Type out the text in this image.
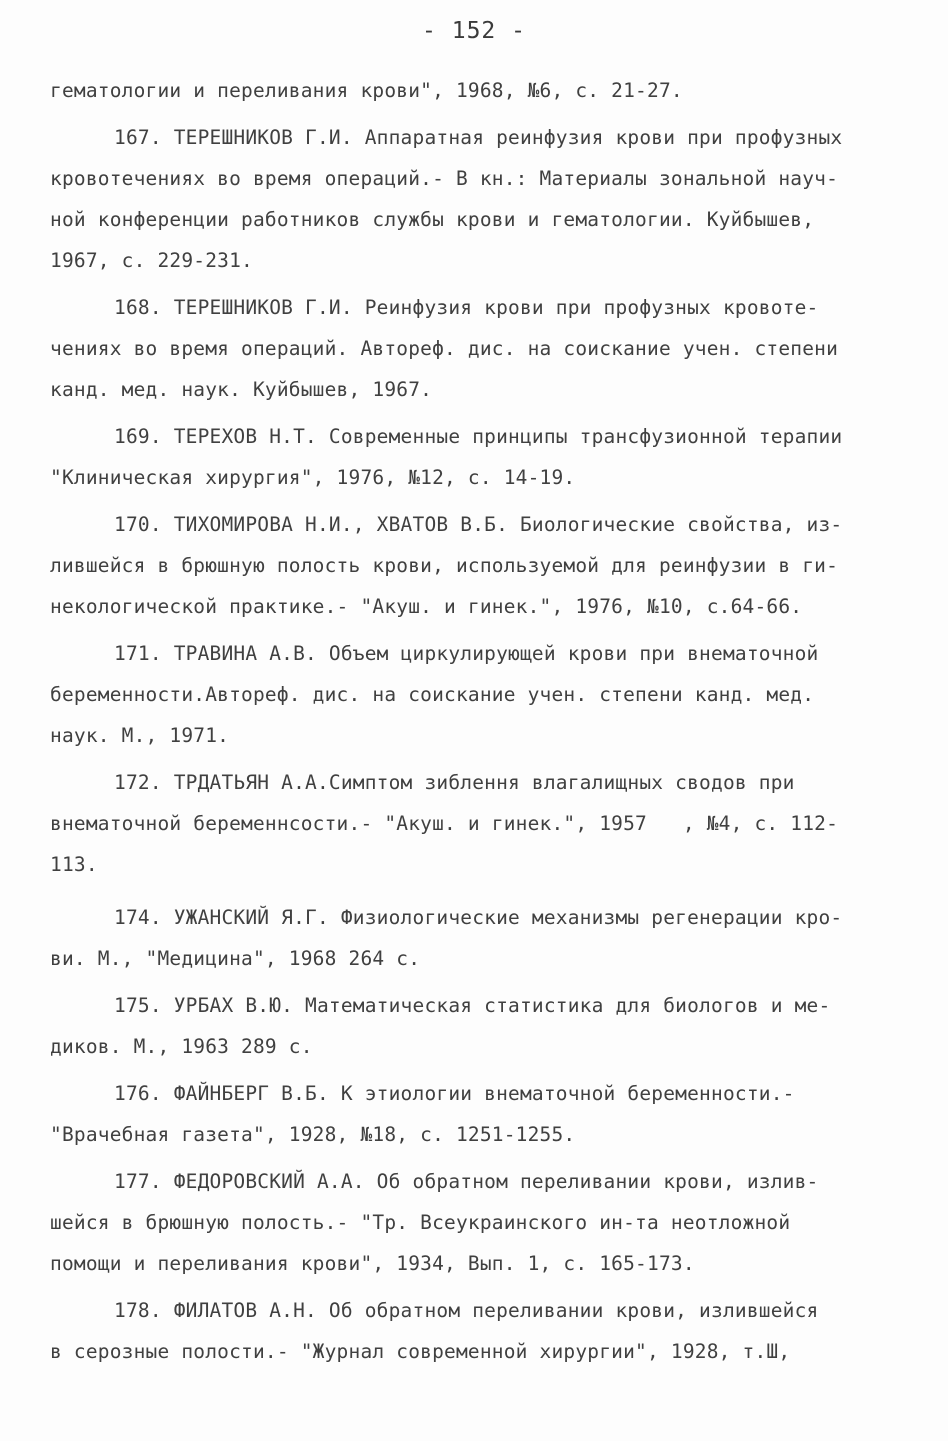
- 152 -
гематологии и переливания крови", 1968, №6, с. 21-27.
167. ТЕРЕШНИКОВ Г.И. Аппаратная реинфузия крови при профузных
кровотечениях во время операций.- В кн.: Материалы зональной науч-
ной конференции работников службы крови и гематологии. Куйбышев,
1967, с. 229-231.
168. ТЕРЕШНИКОВ Г.И. Реинфузия крови при профузных кровоте-
чениях во время операций. Автореф. дис. на соискание учен. степени
канд. мед. наук. Куйбышев, 1967.
169. ТЕРЕХОВ Н.Т. Современные принципы трансфузионной терапии
"Клиническая хирургия", 1976, №12, с. 14-19.
170. ТИХОМИРОВА Н.И., ХВАТОВ В.Б. Биологические свойства, из-
лившейся в брюшную полость крови, используемой для реинфузии в ги-
некологической практике.- "Акуш. и гинек.", 1976, №10, с.64-66.
171. ТРАВИНА А.В. Объем циркулирующей крови при внематочной
беременности.Автореф. дис. на соискание учен. степени канд. мед.
наук. М., 1971.
172. ТРДАТЬЯН А.А.Симптом зиблення влагалищных сводов при
внематочной беременнсости.- "Акуш. и гинек.", 1957   , №4, с. 112-
113.
174. УЖАНСКИЙ Я.Г. Физиологические механизмы регенерации кро-
ви. М., "Медицина", 1968 264 с.
175. УРБАХ В.Ю. Математическая статистика для биологов и ме-
диков. М., 1963 289 с.
176. ФАЙНБЕРГ В.Б. К этиологии внематочной беременности.-
"Врачебная газета", 1928, №18, с. 1251-1255.
177. ФЕДОРОВСКИЙ А.А. Об обратном переливании крови, излив-
шейся в брюшную полость.- "Тр. Всеукраинского ин-та неотложной
помощи и переливания крови", 1934, Вып. 1, с. 165-173.
178. ФИЛАТОВ А.Н. Об обратном переливании крови, излившейся
в серозные полости.- "Журнал современной хирургии", 1928, т.Ш,
